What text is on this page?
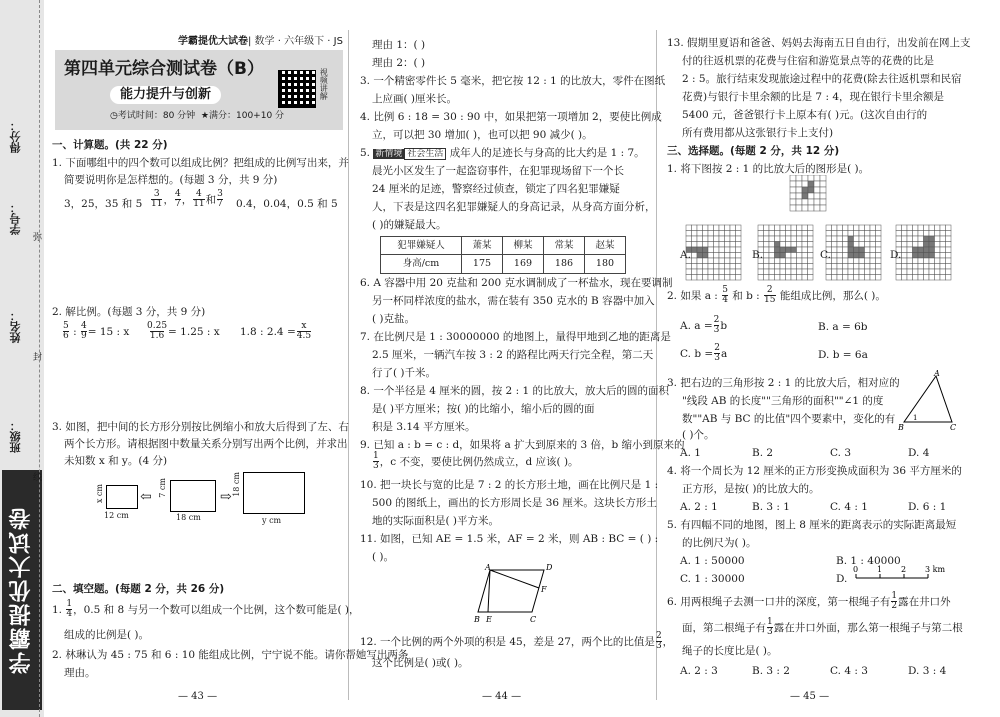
学霸提优大试卷
得分：
学号：
姓名：
班级：
弥
封
线
学霸提优大试卷| 数学 · 六年级下 · JS
第四单元综合测试卷（B）
能力提升与创新
◷考试时间：80 分钟 ★满分：100+10 分
视频讲解
一、计算题。(共 22 分)
1. 下面哪组中的四个数可以组成比例？把组成的比例写出来，并
简要说明你是怎样想的。(每题 3 分，共 9 分)
3，25，35 和 $5 \frac{3}{11}$ ， $\frac{4}{7}$ ， $\frac{4}{11}$ 和 $\frac{3}{7} 0.4$，0.04，0.5 和 5
2. 解比例。(每题 3 分，共 9 分)
$\frac{5}{6}$ : $\frac{4}{9} = 15$ : x $\frac{0.25}{1.6} = 1.25$ : x 1.8 : $2.4 = \frac{x}{4.5}$
3. 如图，把中间的长方形分别按比例缩小和放大后得到了左、右
两个长方形。请根据图中数量关系分别写出两个比例，并求出
未知数 x 和 y。(4 分)
x cm
12 cm
⇦ 7 cm
18 cm
⇨
18 cm
y cm
二、填空题。(每题 2 分，共 26 分)
1. $\frac{1}{4}$ ，0.5 和 8 与另一个数可以组成一个比例，这个数可能是( )，
组成的比例是( )。
2. 林琳认为 45 : 75 和 6 : 10 能组成比例，宁宁说不能。请你帮她写出两条
理由。
— 43 —
理由 1：( )
理由 2：( )
3. 一个精密零件长 5 毫米，把它按 12 : 1 的比放大，零件在图纸
上应画( )厘米长。
4. 比例 6 : 18 = 30 : 90 中，如果把第一项增加 2，要使比例成
立，可以把 30 增加( )，也可以把 90 减少( )。
5. 新情境 社会生活 成年人的足迹长与身高的比大约是 1 : 7。
晨光小区发生了一起盗窃事件，在犯罪现场留下一个长
24 厘米的足迹，警察经过侦查，锁定了四名犯罪嫌疑
人，下表是这四名犯罪嫌疑人的身高记录，从身高方面分析，
( )的嫌疑最大。
犯罪嫌疑人	萧某	柳某	常某	赵某
身高/cm	175	169	186	180
6. A 容器中用 20 克盐和 200 克水调制成了一杯盐水，现在要调制
另一杯同样浓度的盐水，需在装有 350 克水的 B 容器中加入
( )克盐。
7. 在比例尺是 1 : 30000000 的地图上，量得甲地到乙地的距离是
2.5 厘米，一辆汽车按 3 : 2 的路程比两天行完全程，第二天
行了( )千米。
8. 一个半径是 4 厘米的圆，按 2 : 1 的比放大，放大后的圆的面积
是( )平方厘米；按( )的比缩小，缩小后的圆的面
积是 3.14 平方厘米。
9. 已知 a : b = c : d，如果将 a 扩大到原来的 3 倍，b 缩小到原来的
$\frac{1}{3}$ ，c 不变，要使比例仍然成立，d 应该( )。
10. 把一块长与宽的比是 7 : 2 的长方形土地，画在比例尺是 1 :
500 的图纸上，画出的长方形周长是 36 厘米。这块长方形土
地的实际面积是( )平方米。
11. 如图，已知 AE = 1.5 米，AF = 2 米，则 AB : BC = ( ) :
( )。
A	D
F
B E	C
12. 一个比例的两个外项的积是 45，差是 27，两个比的比值是 $\frac{2}{3}$ ，
这个比例是( )或( )。
— 44 —
13. 假期里夏语和爸爸、妈妈去海南五日自由行，出发前在网上支
付的往返机票的花费与住宿和游览景点等的花费的比是
2 : 5。旅行结束发现旅途过程中的花费(除去往返机票和民宿
花费)与银行卡里余额的比是 7 : 4，现在银行卡里余额是
5400 元，爸爸银行卡上原本有( )元。(这次自由行的
所有费用都从这张银行卡上支付)
三、选择题。(每题 2 分，共 12 分)
1. 将下图按 2 : 1 的比放大后的图形是( )。
A.	B.	C.	D.
2. 如果 a : $\frac{5}{4}$ 和 b : $\frac{2}{15}$ 能组成比例，那么( )。
A. $a = \frac{2}{3}$ b	B. a = 6b
C. $b = \frac{2}{3}$ a	D. b = 6a
3. 把右边的三角形按 2 : 1 的比放大后，相对应的
"线段 AB 的长度""三角形的面积""∠1 的度
数""AB 与 BC 的比值"四个要素中，变化的有
( )个。
A
B	C
1
A. 1	B. 2	C. 3	D. 4
4. 将一个周长为 12 厘米的正方形变换成面积为 36 平方厘米的
正方形，是按( )的比放大的。
A. 2 : 1	B. 3 : 1	C. 4 : 1	D. 6 : 1
5. 有四幅不同的地图，图上 8 厘米的距离表示的实际距离最短
的比例尺为( )。
A. 1 : 50000	B. 1 : 40000
C. 1 : 30000	D.
0 1 2 3 km
6. 用两根绳子去测一口井的深度，第一根绳子有 $\frac{1}{2}$ 露在井口外
面，第二根绳子有 $\frac{1}{3}$ 露在井口外面，那么第一根绳子与第二根
绳子的长度比是( )。
A. 2 : 3	B. 3 : 2	C. 4 : 3	D. 3 : 4
— 45 —
